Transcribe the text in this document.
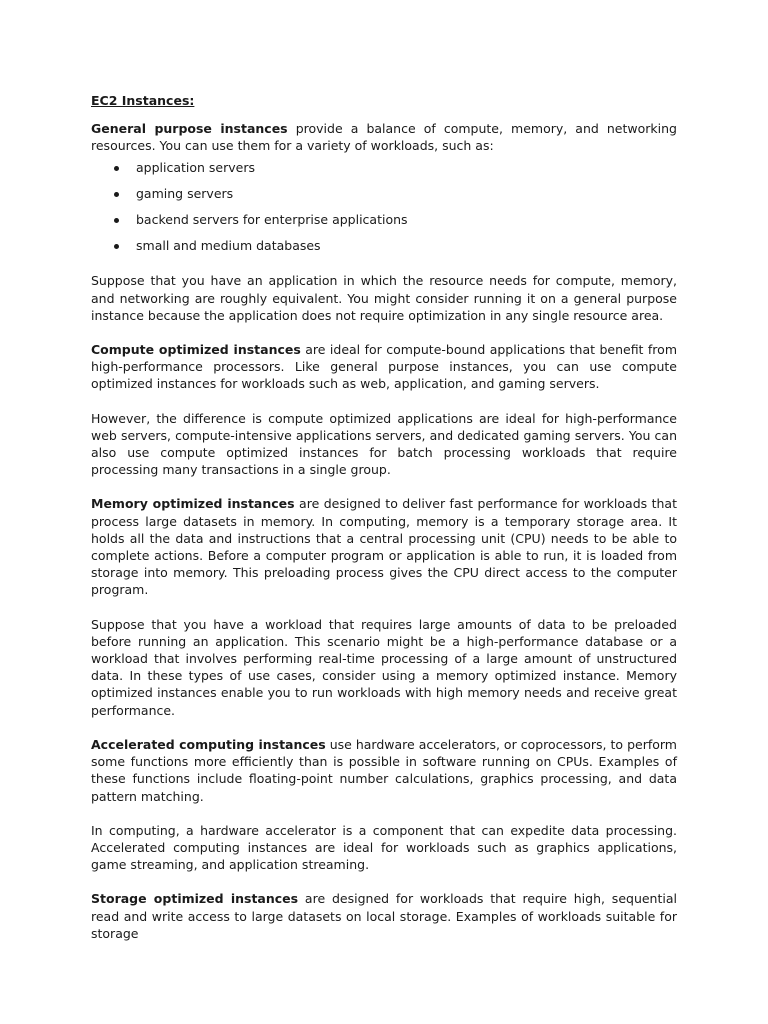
EC2 Instances:

General purpose instances provide a balance of compute, memory, and networking resources. You can use them for a variety of workloads, such as:

application servers
gaming servers
backend servers for enterprise applications
small and medium databases

Suppose that you have an application in which the resource needs for compute, memory, and networking are roughly equivalent. You might consider running it on a general purpose instance because the application does not require optimization in any single resource area.

Compute optimized instances are ideal for compute-bound applications that benefit from high-performance processors. Like general purpose instances, you can use compute optimized instances for workloads such as web, application, and gaming servers.

However, the difference is compute optimized applications are ideal for high-performance web servers, compute-intensive applications servers, and dedicated gaming servers. You can also use compute optimized instances for batch processing workloads that require processing many transactions in a single group.

Memory optimized instances are designed to deliver fast performance for workloads that process large datasets in memory. In computing, memory is a temporary storage area. It holds all the data and instructions that a central processing unit (CPU) needs to be able to complete actions. Before a computer program or application is able to run, it is loaded from storage into memory. This preloading process gives the CPU direct access to the computer program.

Suppose that you have a workload that requires large amounts of data to be preloaded before running an application. This scenario might be a high-performance database or a workload that involves performing real-time processing of a large amount of unstructured data. In these types of use cases, consider using a memory optimized instance. Memory optimized instances enable you to run workloads with high memory needs and receive great performance.

Accelerated computing instances use hardware accelerators, or coprocessors, to perform some functions more efficiently than is possible in software running on CPUs. Examples of these functions include floating-point number calculations, graphics processing, and data pattern matching.

In computing, a hardware accelerator is a component that can expedite data processing. Accelerated computing instances are ideal for workloads such as graphics applications, game streaming, and application streaming.

Storage optimized instances are designed for workloads that require high, sequential read and write access to large datasets on local storage. Examples of workloads suitable for storage
